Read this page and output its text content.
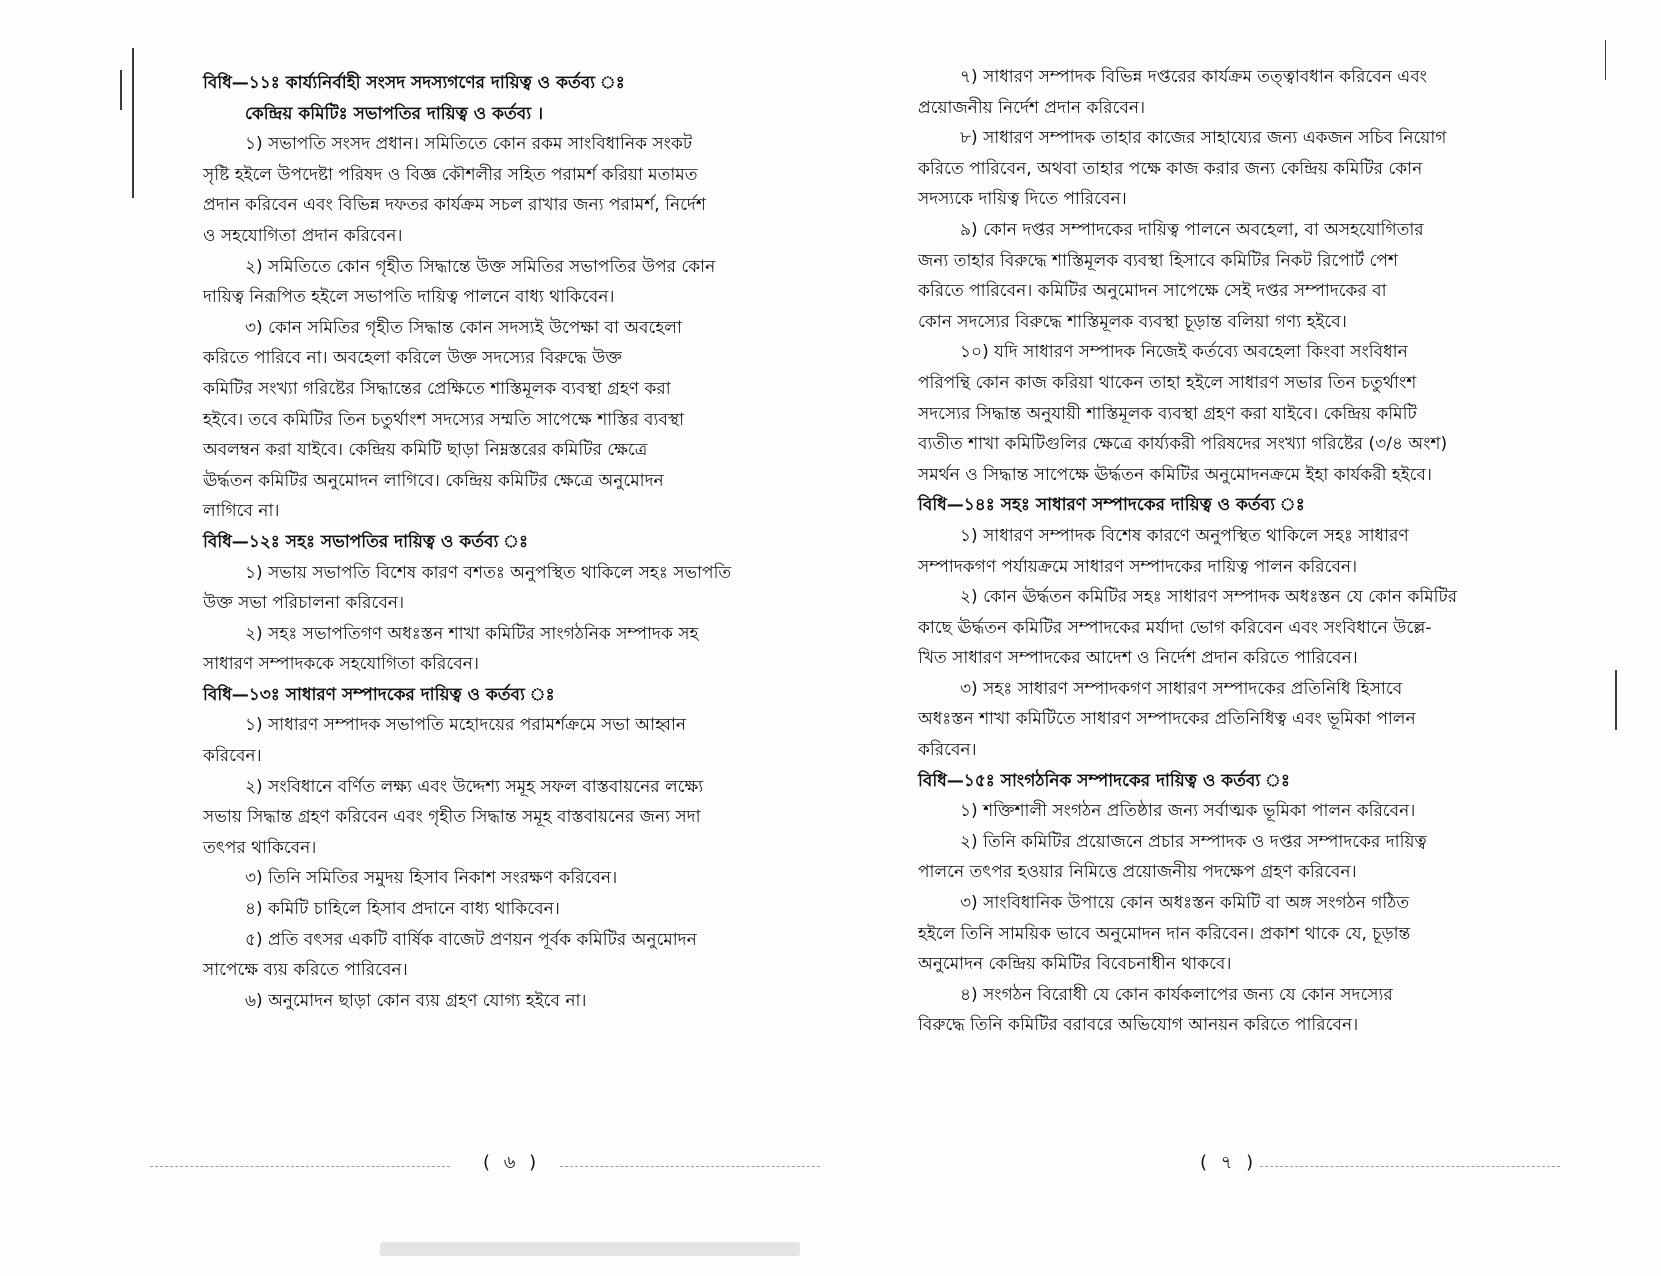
বিধি—১১ঃ কার্য্যনির্বাহী সংসদ সদস্যগণের দায়িত্ব ও কর্তব্য ঃ

কেন্দ্রিয় কমিটিঃ সভাপতির দায়িত্ব ও কর্তব্য ।

১) সভাপতি সংসদ প্রধান। সমিতিতে কোন রকম সাংবিধানিক সংকট
সৃষ্টি হইলে উপদেষ্টা পরিষদ ও বিজ্ঞ কৌশলীর সহিত পরামর্শ করিয়া মতামত
প্রদান করিবেন এবং বিভিন্ন দফতর কার্যক্রম সচল রাখার জন্য পরামর্শ, নির্দেশ
ও সহযোগিতা প্রদান করিবেন।

২) সমিতিতে কোন গৃহীত সিদ্ধান্তে উক্ত সমিতির সভাপতির উপর কোন
দায়িত্ব নিরূপিত হইলে সভাপতি দায়িত্ব পালনে বাধ্য থাকিবেন।

৩) কোন সমিতির গৃহীত সিদ্ধান্ত কোন সদস্যই উপেক্ষা বা অবহেলা
করিতে পারিবে না। অবহেলা করিলে উক্ত সদস্যের বিরুদ্ধে উক্ত
কমিটির সংখ্যা গরিষ্টের সিদ্ধান্তের প্রেক্ষিতে শাস্তিমূলক ব্যবস্থা গ্রহণ করা
হইবে। তবে কমিটির তিন চতুর্থাংশ সদস্যের সম্মতি সাপেক্ষে শাস্তির ব্যবস্থা
অবলম্বন করা যাইবে। কেন্দ্রিয় কমিটি ছাড়া নিম্নস্তরের কমিটির ক্ষেত্রে
ঊর্দ্ধতন কমিটির অনুমোদন লাগিবে। কেন্দ্রিয় কমিটির ক্ষেত্রে অনুমোদন
লাগিবে না।

বিধি—১২ঃ সহঃ সভাপতির দায়িত্ব ও কর্তব্য ঃ

১) সভায় সভাপতি বিশেষ কারণ বশতঃ অনুপস্থিত থাকিলে সহঃ সভাপতি
উক্ত সভা পরিচালনা করিবেন।

২) সহঃ সভাপতিগণ অধঃস্তন শাখা কমিটির সাংগঠনিক সম্পাদক সহ
সাধারণ সম্পাদককে সহযোগিতা করিবেন।

বিধি—১৩ঃ সাধারণ সম্পাদকের দায়িত্ব ও কর্তব্য ঃ

১) সাধারণ সম্পাদক সভাপতি মহোদয়ের পরামর্শক্রমে সভা আহ্বান
করিবেন।

২) সংবিধানে বর্ণিত লক্ষ্য এবং উদ্দেশ্য সমূহ সফল বাস্তবায়নের লক্ষ্যে
সভায় সিদ্ধান্ত গ্রহণ করিবেন এবং গৃহীত সিদ্ধান্ত সমূহ বাস্তবায়নের জন্য সদা
তৎপর থাকিবেন।

৩) তিনি সমিতির সমুদয় হিসাব নিকাশ সংরক্ষণ করিবেন।

৪) কমিটি চাহিলে হিসাব প্রদানে বাধ্য থাকিবেন।

৫) প্রতি বৎসর একটি বার্ষিক বাজেট প্রণয়ন পূর্বক কমিটির অনুমোদন
সাপেক্ষে ব্যয় করিতে পারিবেন।

৬) অনুমোদন ছাড়া কোন ব্যয় গ্রহণ যোগ্য হইবে না।

( ৬ )

৭) সাধারণ সম্পাদক বিভিন্ন দপ্তরের কার্যক্রম তত্ত্বাবধান করিবেন এবং
প্রয়োজনীয় নির্দেশ প্রদান করিবেন।

৮) সাধারণ সম্পাদক তাহার কাজের সাহায্যের জন্য একজন সচিব নিয়োগ
করিতে পারিবেন, অথবা তাহার পক্ষে কাজ করার জন্য কেন্দ্রিয় কমিটির কোন
সদস্যকে দায়িত্ব দিতে পারিবেন।

৯) কোন দপ্তর সম্পাদকের দায়িত্ব পালনে অবহেলা, বা অসহযোগিতার
জন্য তাহার বিরুদ্ধে শাস্তিমূলক ব্যবস্থা হিসাবে কমিটির নিকট রিপোর্ট পেশ
করিতে পারিবেন। কমিটির অনুমোদন সাপেক্ষে সেই দপ্তর সম্পাদকের বা
কোন সদস্যের বিরুদ্ধে শাস্তিমূলক ব্যবস্থা চূড়ান্ত বলিয়া গণ্য হইবে।

১০) যদি সাধারণ সম্পাদক নিজেই কর্তব্যে অবহেলা কিংবা সংবিধান
পরিপন্থি কোন কাজ করিয়া থাকেন তাহা হইলে সাধারণ সভার তিন চতুর্থাংশ
সদস্যের সিদ্ধান্ত অনুযায়ী শাস্তিমূলক ব্যবস্থা গ্রহণ করা যাইবে। কেন্দ্রিয় কমিটি
ব্যতীত শাখা কমিটিগুলির ক্ষেত্রে কার্য্যকরী পরিষদের সংখ্যা গরিষ্টের (৩/৪ অংশ)
সমর্থন ও সিদ্ধান্ত সাপেক্ষে ঊর্দ্ধতন কমিটির অনুমোদনক্রমে ইহা কার্যকরী হইবে।

বিধি—১৪ঃ সহঃ সাধারণ সম্পাদকের দায়িত্ব ও কর্তব্য ঃ

১) সাধারণ সম্পাদক বিশেষ কারণে অনুপস্থিত থাকিলে সহঃ সাধারণ
সম্পাদকগণ পর্যায়ক্রমে সাধারণ সম্পাদকের দায়িত্ব পালন করিবেন।

২) কোন ঊর্দ্ধতন কমিটির সহঃ সাধারণ সম্পাদক অধঃস্তন যে কোন কমিটির
কাছে ঊর্দ্ধতন কমিটির সম্পাদকের মর্যাদা ভোগ করিবেন এবং সংবিধানে উল্লে-
খিত সাধারণ সম্পাদকের আদেশ ও নির্দেশ প্রদান করিতে পারিবেন।

৩) সহঃ সাধারণ সম্পাদকগণ সাধারণ সম্পাদকের প্রতিনিধি হিসাবে
অধঃস্তন শাখা কমিটিতে সাধারণ সম্পাদকের প্রতিনিধিত্ব এবং ভূমিকা পালন
করিবেন।

বিধি—১৫ঃ সাংগঠনিক সম্পাদকের দায়িত্ব ও কর্তব্য ঃ

১) শক্তিশালী সংগঠন প্রতিষ্ঠার জন্য সর্বাত্মক ভূমিকা পালন করিবেন।

২) তিনি কমিটির প্রয়োজনে প্রচার সম্পাদক ও দপ্তর সম্পাদকের দায়িত্ব
পালনে তৎপর হওয়ার নিমিত্তে প্রয়োজনীয় পদক্ষেপ গ্রহণ করিবেন।

৩) সাংবিধানিক উপায়ে কোন অধঃস্তন কমিটি বা অঙ্গ সংগঠন গঠিত
হইলে তিনি সাময়িক ভাবে অনুমোদন দান করিবেন। প্রকাশ থাকে যে, চূড়ান্ত
অনুমোদন কেন্দ্রিয় কমিটির বিবেচনাধীন থাকবে।

৪) সংগঠন বিরোধী যে কোন কার্যকলাপের জন্য যে কোন সদস্যের
বিরুদ্ধে তিনি কমিটির বরাবরে অভিযোগ আনয়ন করিতে পারিবেন।

( ৭ )
